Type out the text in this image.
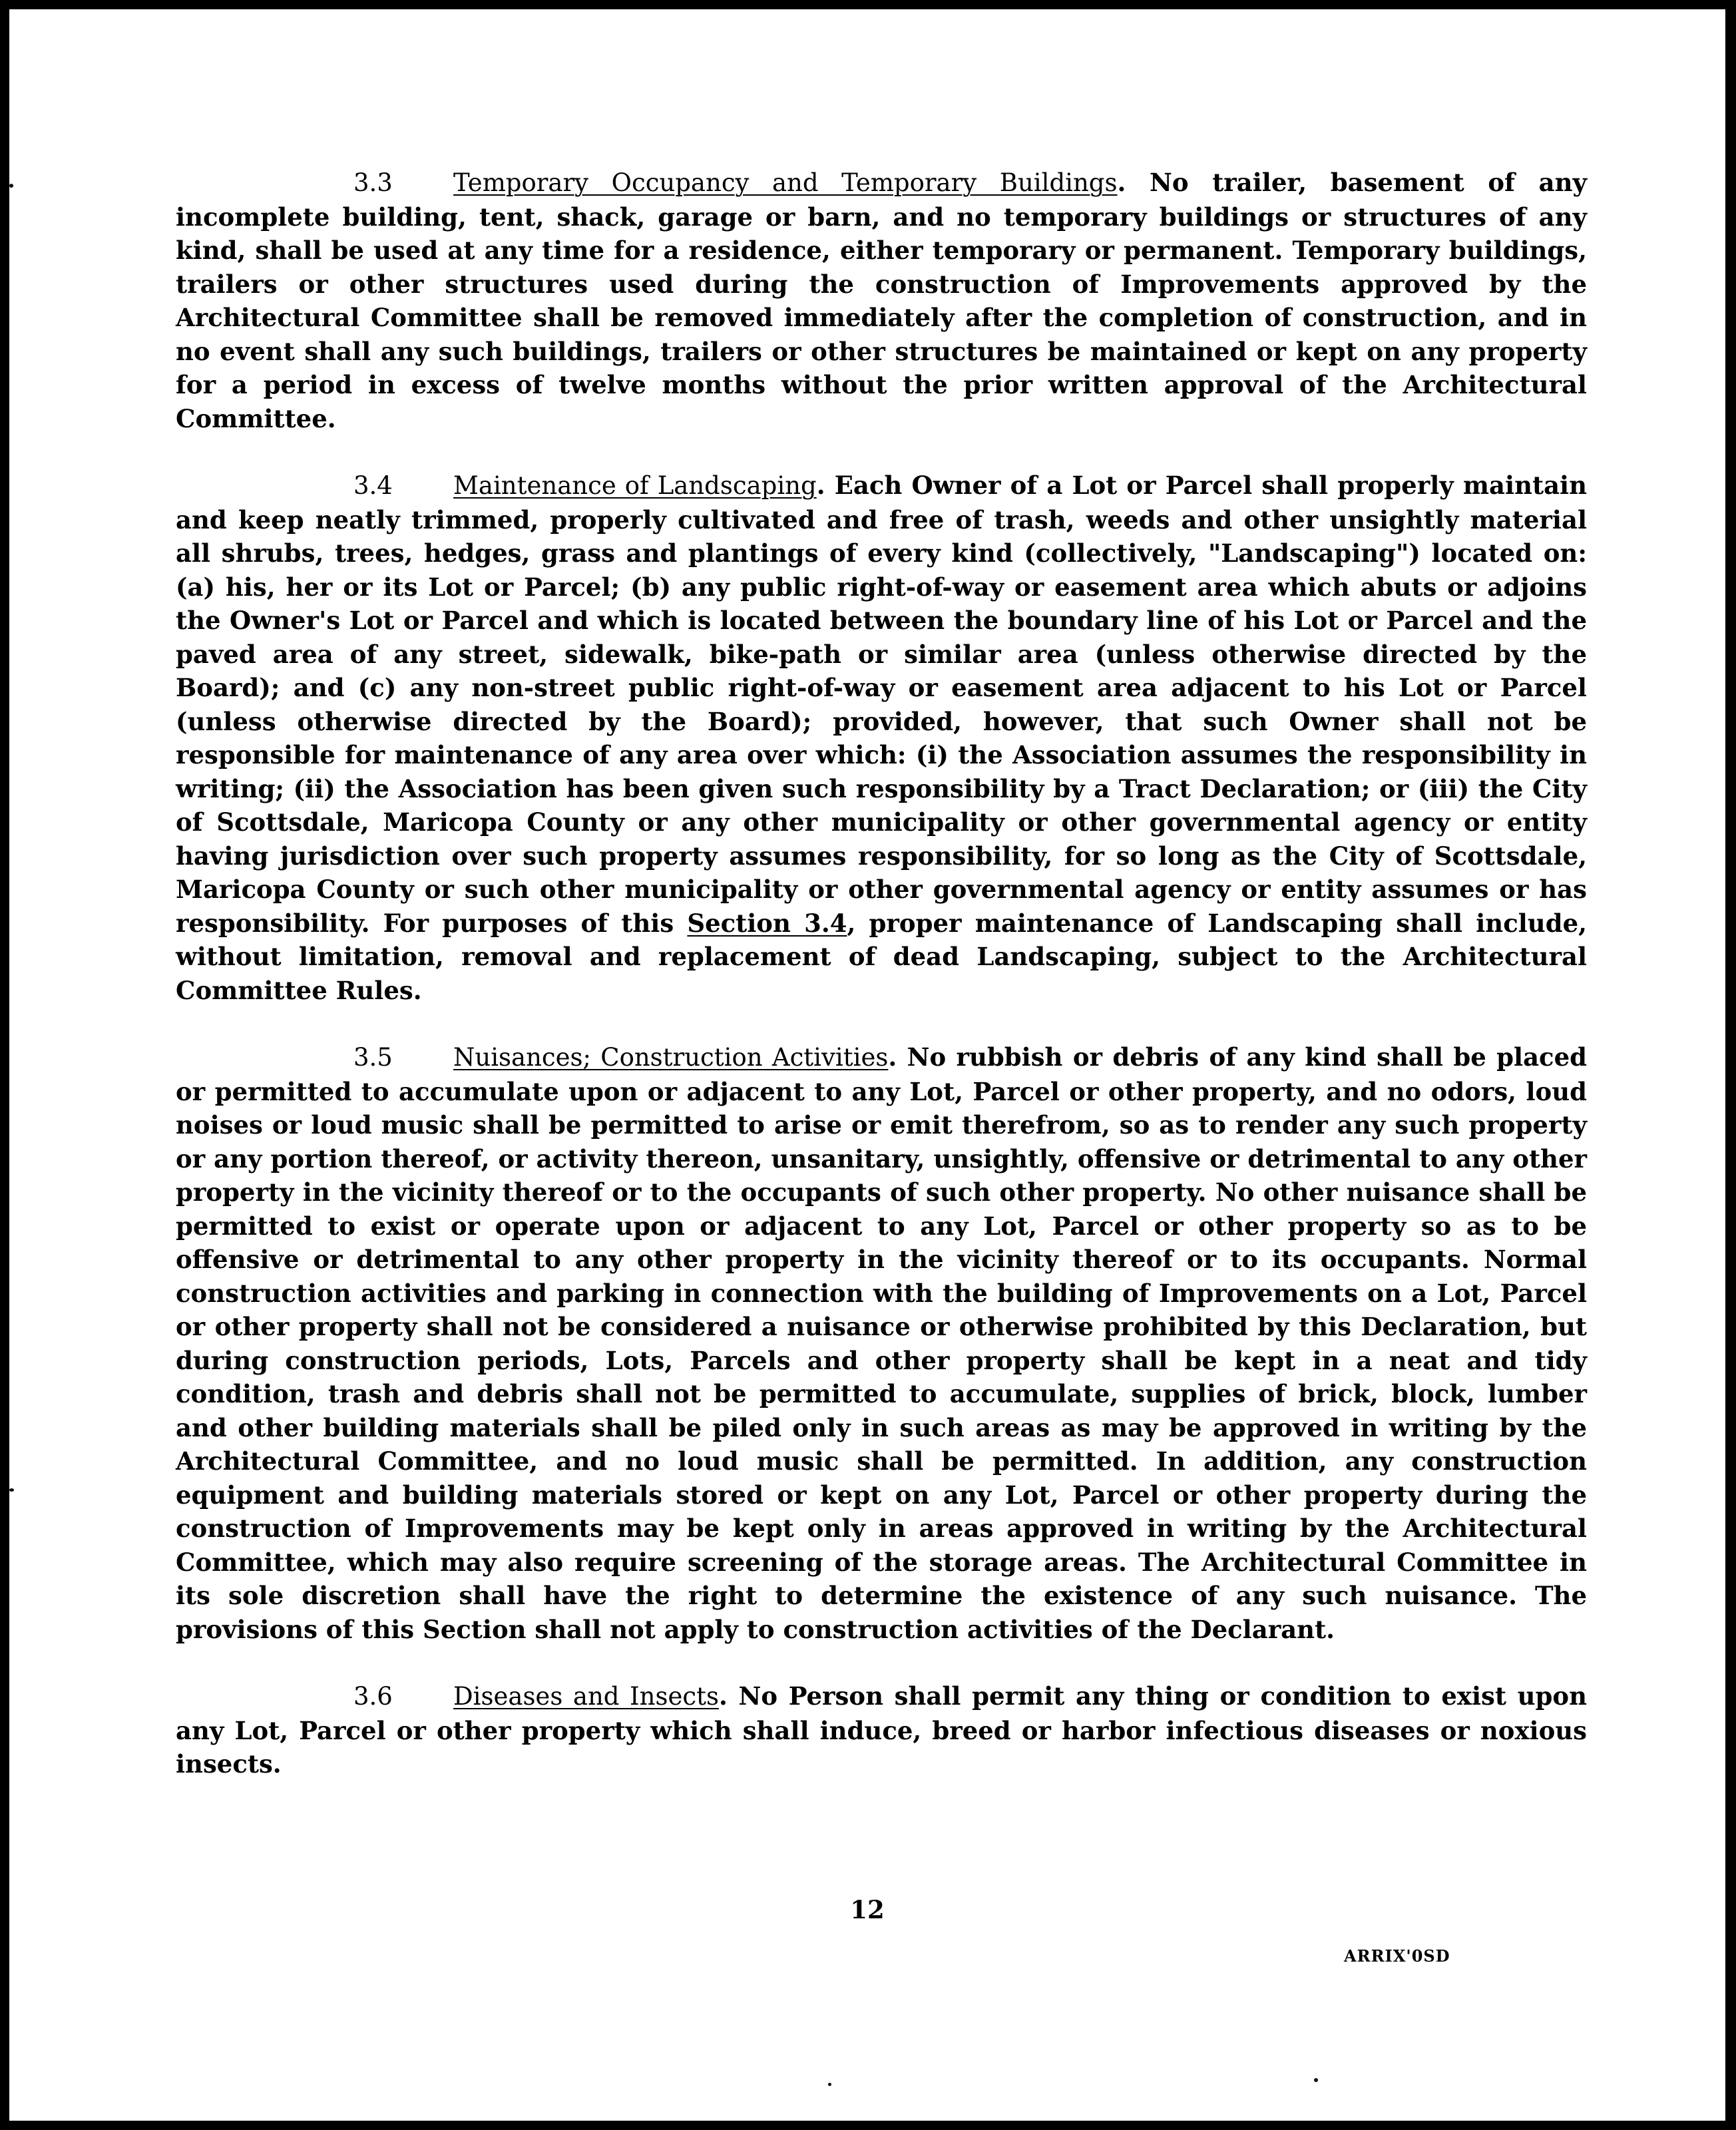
3.3 Temporary Occupancy and Temporary Buildings. No trailer, basement of any incomplete building, tent, shack, garage or barn, and no temporary buildings or structures of any kind, shall be used at any time for a residence, either temporary or permanent. Temporary buildings, trailers or other structures used during the construction of Improvements approved by the Architectural Committee shall be removed immediately after the completion of construction, and in no event shall any such buildings, trailers or other structures be maintained or kept on any property for a period in excess of twelve months without the prior written approval of the Architectural Committee.

3.4 Maintenance of Landscaping. Each Owner of a Lot or Parcel shall properly maintain and keep neatly trimmed, properly cultivated and free of trash, weeds and other unsightly material all shrubs, trees, hedges, grass and plantings of every kind (collectively, "Landscaping") located on: (a) his, her or its Lot or Parcel; (b) any public right-of-way or easement area which abuts or adjoins the Owner's Lot or Parcel and which is located between the boundary line of his Lot or Parcel and the paved area of any street, sidewalk, bike-path or similar area (unless otherwise directed by the Board); and (c) any non-street public right-of-way or easement area adjacent to his Lot or Parcel (unless otherwise directed by the Board); provided, however, that such Owner shall not be responsible for maintenance of any area over which: (i) the Association assumes the responsibility in writing; (ii) the Association has been given such responsibility by a Tract Declaration; or (iii) the City of Scottsdale, Maricopa County or any other municipality or other governmental agency or entity having jurisdiction over such property assumes responsibility, for so long as the City of Scottsdale, Maricopa County or such other municipality or other governmental agency or entity assumes or has responsibility. For purposes of this Section 3.4, proper maintenance of Landscaping shall include, without limitation, removal and replacement of dead Landscaping, subject to the Architectural Committee Rules.

3.5 Nuisances; Construction Activities. No rubbish or debris of any kind shall be placed or permitted to accumulate upon or adjacent to any Lot, Parcel or other property, and no odors, loud noises or loud music shall be permitted to arise or emit therefrom, so as to render any such property or any portion thereof, or activity thereon, unsanitary, unsightly, offensive or detrimental to any other property in the vicinity thereof or to the occupants of such other property. No other nuisance shall be permitted to exist or operate upon or adjacent to any Lot, Parcel or other property so as to be offensive or detrimental to any other property in the vicinity thereof or to its occupants. Normal construction activities and parking in connection with the building of Improvements on a Lot, Parcel or other property shall not be considered a nuisance or otherwise prohibited by this Declaration, but during construction periods, Lots, Parcels and other property shall be kept in a neat and tidy condition, trash and debris shall not be permitted to accumulate, supplies of brick, block, lumber and other building materials shall be piled only in such areas as may be approved in writing by the Architectural Committee, and no loud music shall be permitted. In addition, any construction equipment and building materials stored or kept on any Lot, Parcel or other property during the construction of Improvements may be kept only in areas approved in writing by the Architectural Committee, which may also require screening of the storage areas. The Architectural Committee in its sole discretion shall have the right to determine the existence of any such nuisance. The provisions of this Section shall not apply to construction activities of the Declarant.

3.6 Diseases and Insects. No Person shall permit any thing or condition to exist upon any Lot, Parcel or other property which shall induce, breed or harbor infectious diseases or noxious insects.

12
ARRIX'0SD
